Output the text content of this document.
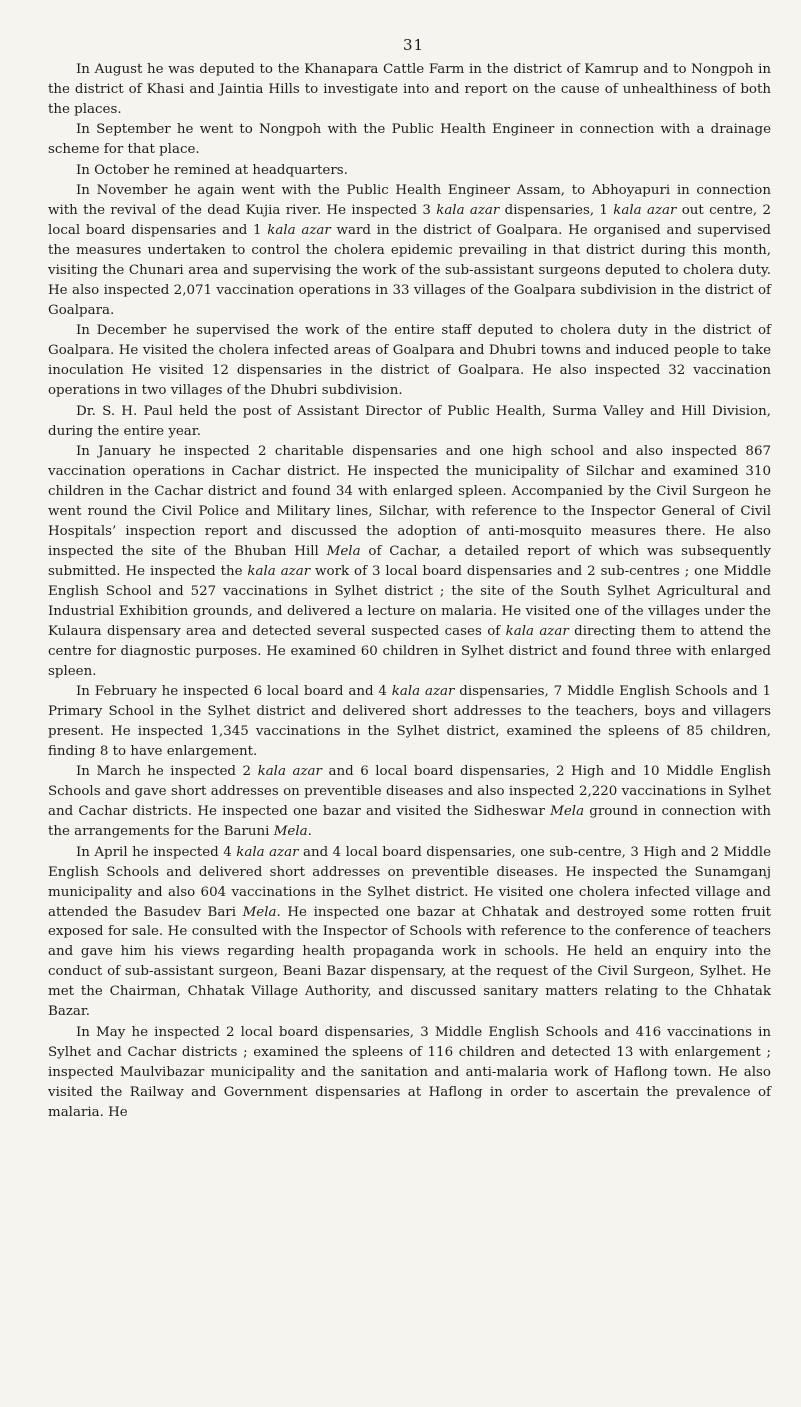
31

In August he was deputed to the Khanapara Cattle Farm in the district of Kamrup and to Nongpoh in the district of Khasi and Jaintia Hills to investigate into and report on the cause of unhealthiness of both the places.

In September he went to Nongpoh with the Public Health Engineer in connection with a drainage scheme for that place.

In October he remined at headquarters.

In November he again went with the Public Health Engineer Assam, to Abhoyapuri in connection with the revival of the dead Kujia river. He inspected 3 kala azar dispensaries, 1 kala azar out centre, 2 local board dispensaries and 1 kala azar ward in the district of Goalpara. He organised and supervised the measures undertaken to control the cholera epidemic prevailing in that district during this month, visiting the Chunari area and supervising the work of the sub-assistant surgeons deputed to cholera duty. He also inspected 2,071 vaccination operations in 33 villages of the Goalpara subdivision in the district of Goalpara.

In December he supervised the work of the entire staff deputed to cholera duty in the district of Goalpara. He visited the cholera infected areas of Goalpara and Dhubri towns and induced people to take inoculation He visited 12 dispensaries in the district of Goalpara. He also inspected 32 vaccination operations in two villages of the Dhubri subdivision.

Dr. S. H. Paul held the post of Assistant Director of Public Health, Surma Valley and Hill Division, during the entire year.

In January he inspected 2 charitable dispensaries and one high school and also inspected 867 vaccination operations in Cachar district. He inspected the municipality of Silchar and examined 310 children in the Cachar district and found 34 with enlarged spleen. Accompanied by the Civil Surgeon he went round the Civil Police and Military lines, Silchar, with reference to the Inspector General of Civil Hospitals’ inspection report and discussed the adoption of anti-mosquito measures there. He also inspected the site of the Bhuban Hill Mela of Cachar, a detailed report of which was subsequently submitted. He inspected the kala azar work of 3 local board dispensaries and 2 sub-centres ; one Middle English School and 527 vaccinations in Sylhet district ; the site of the South Sylhet Agricultural and Industrial Exhibition grounds, and delivered a lecture on malaria. He visited one of the villages under the Kulaura dispensary area and detected several suspected cases of kala azar directing them to attend the centre for diagnostic purposes. He examined 60 children in Sylhet district and found three with enlarged spleen.

In February he inspected 6 local board and 4 kala azar dispensaries, 7 Middle English Schools and 1 Primary School in the Sylhet district and delivered short addresses to the teachers, boys and villagers present. He inspected 1,345 vaccinations in the Sylhet district, examined the spleens of 85 children, finding 8 to have enlargement.

In March he inspected 2 kala azar and 6 local board dispensaries, 2 High and 10 Middle English Schools and gave short addresses on preventible diseases and also inspected 2,220 vaccinations in Sylhet and Cachar districts. He inspected one bazar and visited the Sidheswar Mela ground in connection with the arrangements for the Baruni Mela.

In April he inspected 4 kala azar and 4 local board dispensaries, one sub-centre, 3 High and 2 Middle English Schools and delivered short addresses on preventible diseases. He inspected the Sunamganj municipality and also 604 vaccinations in the Sylhet district. He visited one cholera infected village and attended the Basudev Bari Mela. He inspected one bazar at Chhatak and destroyed some rotten fruit exposed for sale. He consulted with the Inspector of Schools with reference to the conference of teachers and gave him his views regarding health propaganda work in schools. He held an enquiry into the conduct of sub-assistant surgeon, Beani Bazar dispensary, at the request of the Civil Surgeon, Sylhet. He met the Chairman, Chhatak Village Authority, and discussed sanitary matters relating to the Chhatak Bazar.

In May he inspected 2 local board dispensaries, 3 Middle English Schools and 416 vaccinations in Sylhet and Cachar districts ; examined the spleens of 116 children and detected 13 with enlargement ; inspected Maulvibazar municipality and the sanitation and anti-malaria work of Haflong town. He also visited the Railway and Government dispensaries at Haflong in order to ascertain the prevalence of malaria. He
